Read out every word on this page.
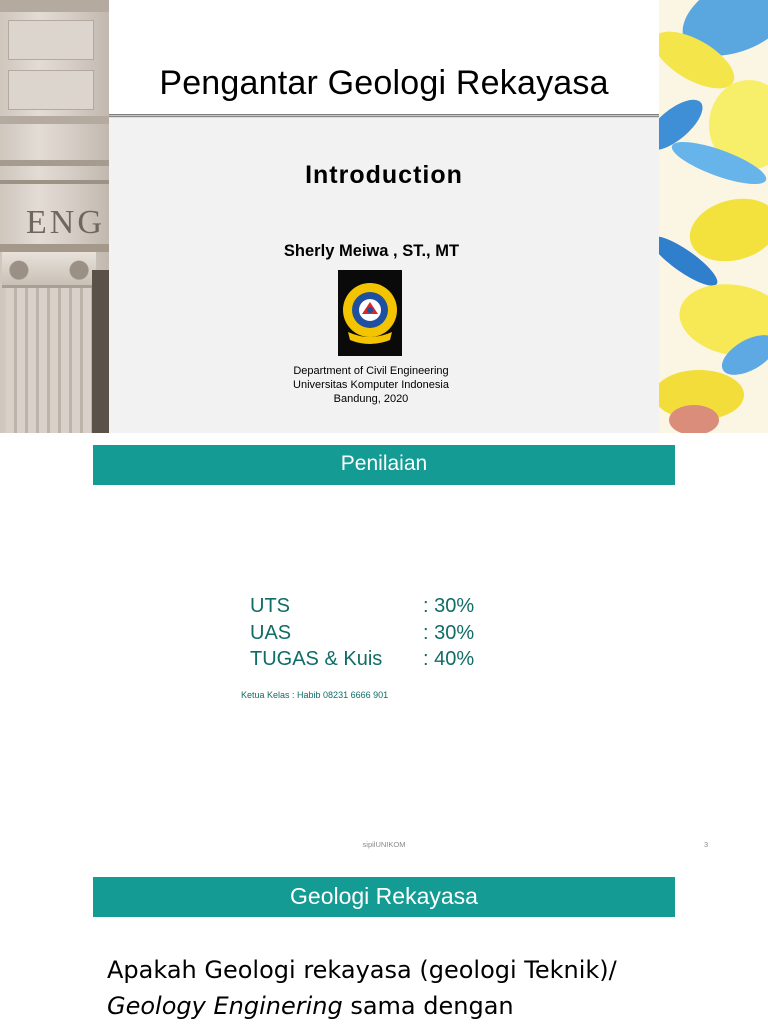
ENG
Pengantar Geologi Rekayasa
Introduction
Sherly Meiwa , ST., MT
Department of Civil Engineering
Universitas Komputer Indonesia
Bandung, 2020
Penilaian
UTS	: 30%
UAS	: 30%
TUGAS & Kuis : 40%
Ketua Kelas : Habib 08231 6666 901
sipilUNIKOM	3
Geologi Rekayasa
Apakah Geologi rekayasa (geologi Teknik)/
Geology Enginering sama dengan
